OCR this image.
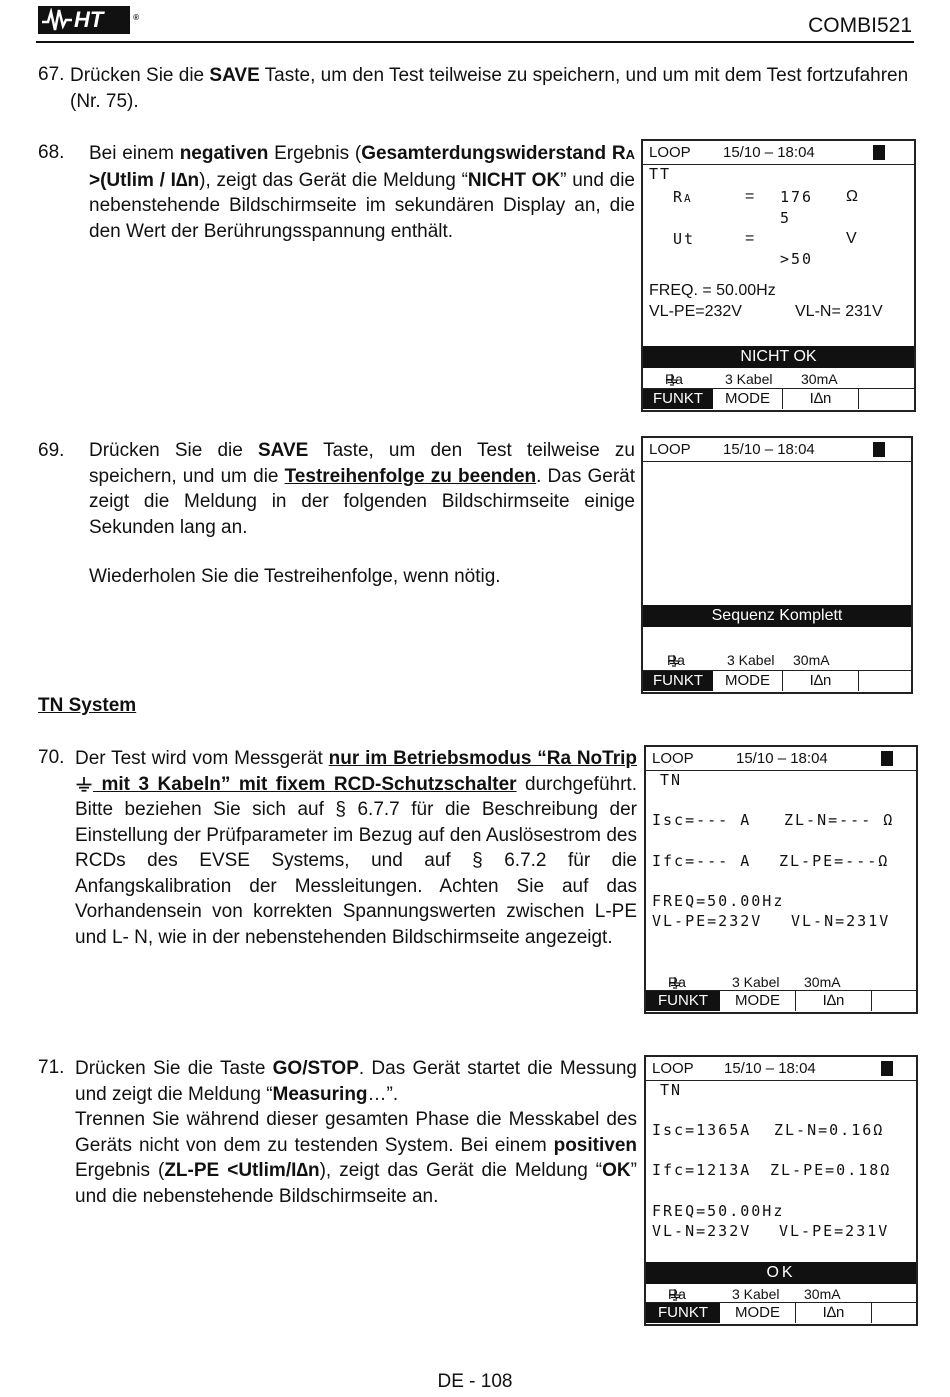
HT	®	COMBI521
67. Drücken Sie die SAVE Taste, um den Test teilweise zu speichern, und um mit dem Test fortzufahren (Nr. 75).
68. Bei einem negativen Ergebnis (Gesamterdungswiderstand RA >(Utlim / I∆n), zeigt das Gerät die Meldung “NICHT OK” und die nebenstehende Bildschirmseite im sekundären Display an, die den Wert der Berührungsspannung enthält.
LOOP 15/10 – 18:04
TT
RA	= 176
5
Ω
Ut	=
>50
V
FREQ. = 50.00Hz
VL-PE=232V	VL-N= 231V
NICHT OK
Ra	3 Kabel 30mA
FUNKT	MODE	I∆n
69. Drücken Sie die SAVE Taste, um den Test teilweise zu speichern, und um die Testreihenfolge zu beenden. Das Gerät zeigt die Meldung in der folgenden Bildschirmseite einige Sekunden lang an.
Wiederholen Sie die Testreihenfolge, wenn nötig.
LOOP 15/10 – 18:04
Sequenz Komplett
Ra	3 Kabel 30mA
FUNKT	MODE	I∆n
TN System
70. Der Test wird vom Messgerät nur im Betriebsmodus “Ra NoTrip  mit 3 Kabeln” mit fixem RCD-Schutzschalter durchgeführt. Bitte beziehen Sie sich auf § 6.7.7 für die Beschreibung der Einstellung der Prüfparameter im Bezug auf den Auslösestrom des RCDs des EVSE Systems, und auf § 6.7.2 für die Anfangskalibration der Messleitungen. Achten Sie auf das Vorhandensein von korrekten Spannungswerten zwischen L-PE und L- N, wie in der nebenstehenden Bildschirmseite angezeigt.
LOOP	15/10 – 18:04
TN
Isc=--- A ZL-N=--- Ω
Ifc=--- A ZL-PE=---Ω
FREQ=50.00Hz
VL-PE=232V VL-N=231V
Ra	3 Kabel 30mA
FUNKT	MODE	I∆n
71. Drücken Sie die Taste GO/STOP. Das Gerät startet die Messung und zeigt die Meldung “Measuring…”.
Trennen Sie während dieser gesamten Phase die Messkabel des Geräts nicht von dem zu testenden System. Bei einem positiven Ergebnis (ZL-PE <Utlim/I∆n), zeigt das Gerät die Meldung “OK” und die nebenstehende Bildschirmseite an.
LOOP 15/10 – 18:04
TN
Isc=1365A ZL-N=0.16Ω
Ifc=1213A ZL-PE=0.18Ω
FREQ=50.00Hz
VL-N=232V VL-PE=231V
OK
Ra	3 Kabel 30mA
FUNKT	MODE	I∆n
DE - 108
